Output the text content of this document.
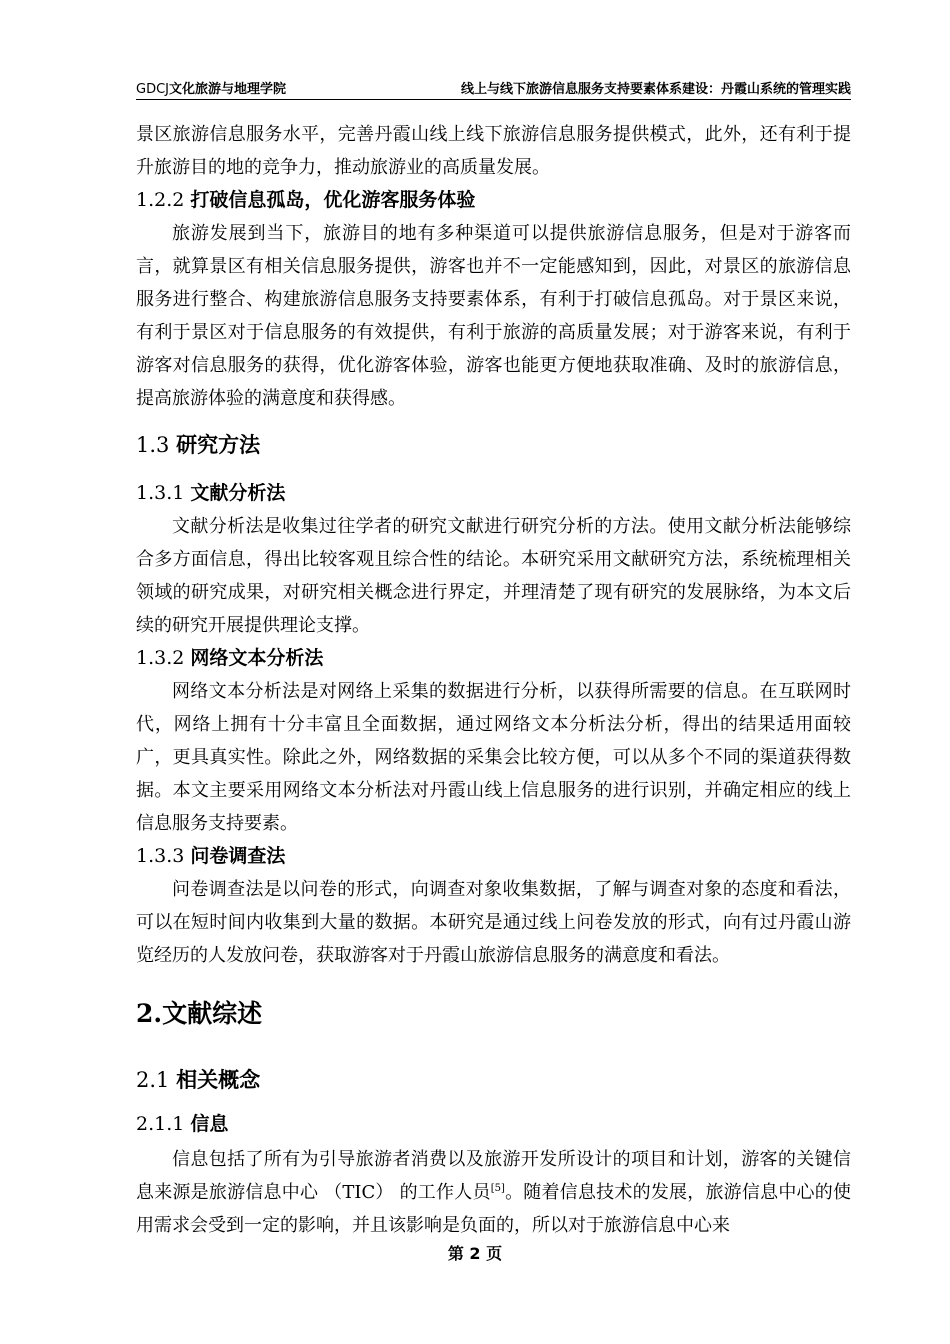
GDCJ文化旅游与地理学院	线上与线下旅游信息服务支持要素体系建设：丹霞山系统的管理实践

景区旅游信息服务水平，完善丹霞山线上线下旅游信息服务提供模式，此外，还有利于提升旅游目的地的竞争力，推动旅游业的高质量发展。

1.2.2 打破信息孤岛，优化游客服务体验

旅游发展到当下，旅游目的地有多种渠道可以提供旅游信息服务，但是对于游客而言，就算景区有相关信息服务提供，游客也并不一定能感知到，因此，对景区的旅游信息服务进行整合、构建旅游信息服务支持要素体系，有利于打破信息孤岛。对于景区来说，有利于景区对于信息服务的有效提供，有利于旅游的高质量发展；对于游客来说，有利于游客对信息服务的获得，优化游客体验，游客也能更方便地获取准确、及时的旅游信息，提高旅游体验的满意度和获得感。

1.3 研究方法
1.3.1 文献分析法

文献分析法是收集过往学者的研究文献进行研究分析的方法。使用文献分析法能够综合多方面信息，得出比较客观且综合性的结论。本研究采用文献研究方法，系统梳理相关领域的研究成果，对研究相关概念进行界定，并理清楚了现有研究的发展脉络，为本文后续的研究开展提供理论支撑。

1.3.2 网络文本分析法

网络文本分析法是对网络上采集的数据进行分析，以获得所需要的信息。在互联网时代，网络上拥有十分丰富且全面数据，通过网络文本分析法分析，得出的结果适用面较广，更具真实性。除此之外，网络数据的采集会比较方便，可以从多个不同的渠道获得数据。本文主要采用网络文本分析法对丹霞山线上信息服务的进行识别，并确定相应的线上信息服务支持要素。

1.3.3 问卷调查法

问卷调查法是以问卷的形式，向调查对象收集数据，了解与调查对象的态度和看法，可以在短时间内收集到大量的数据。本研究是通过线上问卷发放的形式，向有过丹霞山游览经历的人发放问卷，获取游客对于丹霞山旅游信息服务的满意度和看法。

2.文献综述
2.1 相关概念
2.1.1 信息

信息包括了所有为引导旅游者消费以及旅游开发所设计的项目和计划，游客的关键信息来源是旅游信息中心 （TIC） 的工作人员[5]。随着信息技术的发展，旅游信息中心的使用需求会受到一定的影响，并且该影响是负面的，所以对于旅游信息中心来

第 2 页
